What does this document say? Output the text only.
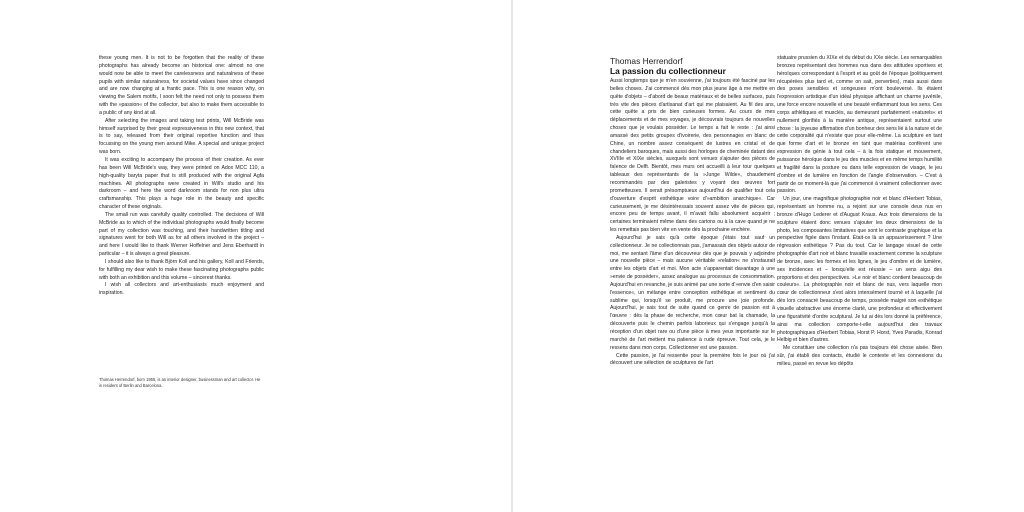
these young men. It is not to be forgotten that the reality of these photographs has already become an historical one: almost no one would now be able to meet the carelessness and naturalness of these pupils with similar naturalness, for societal values have since changed and are now changing at a frantic pace. This is one reason why, on viewing the Salem motifs, I soon felt the need not only to possess them with the »passion« of the collector, but also to make them accessible to a public of any kind at all.

After selecting the images and taking test prints, Will McBride was himself surprised by their great expressiveness in this new context, that is to say, released from their original reportive function and thus focussing on the young men around Mike. A special and unique project was born.

It was exciting to accompany the process of their creation. As ever has been Will McBride's way, they were printed on Adox MCC 110, a high-quality baryta paper that is still produced with the original Agfa machines. All photographs were created in Will's studio and his darkroom – and here the word darkroom stands for non plus ultra craftsmanship. This plays a huge role in the beauty and specific character of these originals.

The small run was carefully quality controlled. The decisions of Will McBride as to which of the individual photographs would finally become part of my collection was touching, and their handwritten titling and signatures went for both Will as for all others involved in the project – and here I would like to thank Werner Hoffelner and Jens Eberhardt in particular – it is always a great pleasure.

I should also like to thank Björn Koll and his gallery, Koll and Friends, for fulfilling my dear wish to make these fascinating photographs public with both an exhibition and this volume – sincerest thanks.

I wish all collectors and art-enthusiasts much enjoyment and inspiration.

Thomas Herrendorf, born 1955, is an interior designer, businessman and art collector. He is resident of Berlin and Barcelona.
Thomas Herrendorf
La passion du collectionneur

Aussi longtemps que je m'en souvienne, j'ai toujours été fasciné par les belles choses. J'ai commencé dès mon plus jeune âge à me mettre en quête d'objets – d'abord de beaux matériaux et de belles surfaces, puis très vite des pièces d'artisanat d'art qui me plaisaient. Au fil des ans, cette quête a pris de bien curieuses formes. Au cours de mes déplacements et de mes voyages, je découvrais toujours de nouvelles choses que je voulais posséder. Le temps a fait le reste : j'ai ainsi amassé des petits groupes d'ivoirerie, des personnages en blanc de Chine, un nombre assez conséquent de lustres en cristal et de chandeliers baroques, mais aussi des horloges de cheminée datant des XVIIIe et XIXe siècles, auxquels sont venues s'ajouter des pièces de faïence de Delft. Bientôt, mes murs ont accueilli à leur tour quelques tableaux des représentants de la »Junge Wilde«, chaudement recommandés par des galeristes y voyant des œuvres fort prometteuses. Il serait présomptueux aujourd'hui de qualifier tout cela d'ouverture d'esprit esthétique voire d'»ambition anarchique«. Car curieusement, je me désintéressais souvent assez vite de pièces qui, encore peu de temps avant, il m'avait fallu absolument acquérir ; certaines terminaient même dans des cartons ou à la cave quand je ne les remettais pas bien vite en vente dès la prochaine enchère.

Aujourd'hui je sais qu'à cette époque j'étais tout sauf un collectionneur. Je ne collectionnais pas, j'amassais des objets autour de moi, me sentant l'âme d'un découvreur dès que je pouvais y adjoindre une nouvelle pièce – mais aucune véritable »relation« ne s'instaurait entre les objets d'art et moi. Mon acte s'apparentait davantage à une »envie de posséder«, assez analogue au processus de consommation. Aujourd'hui en revanche, je suis animé par une sorte d'»envie d'en saisir l'essence«, un mélange entre conception esthétique et sentiment du sublime qui, lorsqu'il se produit, me procure une joie profonde. Aujourd'hui, je sais tout de suite quand ce genre de passion est à l'œuvre : dès la phase de recherche, mon cœur bat la chamade, la découverte puis le chemin parfois laborieux qui s'engage jusqu'à la réception d'un objet rare ou d'une pièce à mes yeux importante sur le marché de l'art mettent ma patience à rude épreuve. Tout cela, je le ressens dans mon corps. Collectionner est une passion.

Cette passion, je l'ai ressentie pour la première fois le jour où j'ai découvert une sélection de sculptures de l'art

statuaire prussien du XIXe et du début du XXe siècle. Les remarquables bronzes représentant des hommes nus dans des attitudes sportives et héroïques correspondant à l'esprit et au goût de l'époque (politiquement récupérées plus tard et, comme on sait, perverties), mais aussi dans des poses sensibles et songeuses m'ont bouleversé. Ils étaient l'expression artistique d'un idéal physique affichant un charme juvénile, une force encore nouvelle et une beauté enflammant tous les sens. Ces corps athlétiques et musclés, au demeurant parfaitement »naturels« et nullement glorifiés à la manière antique, représentaient surtout une chose : la joyeuse affirmation d'un bonheur des sens lié à la nature et de cette corporalité qui n'existe que pour elle-même. La sculpture en tant que forme d'art et le bronze en tant que matériau confèrent une expression de génie à tout cela – à la fois statique et mouvement, puissance héroïque dans le jeu des muscles et en même temps humilité et fragilité dans la posture ou dans telle expression de visage, le jeu d'ombre et de lumière en fonction de l'angle d'observation. – C'est à partir de ce moment-là que j'ai commencé à vraiment collectionner avec passion.

Un jour, une magnifique photographie noir et blanc d'Herbert Tobias, représentant un homme nu, a rejoint sur une console deux nus en bronze d'Hugo Lederer et d'August Kraus. Aux trois dimensions de la sculpture étaient donc venues s'ajouter les deux dimensions de la photo, les composantes limitatives que sont le contraste graphique et la perspective figée dans l'instant. Était-ce là un appauvrissement ? Une régression esthétique ? Pas du tout. Car le langage visuel de cette photographie d'art noir et blanc travaille exactement comme la sculpture de bronze, avec les formes et les lignes, le jeu d'ombre et de lumière, ses incidences et – lorsqu'elle est réussie – un sens aigu des proportions et des perspectives. »Le noir et blanc contient beaucoup de couleurs«. La photographie noir et blanc de nus, vers laquelle mon cœur de collectionneur s'est alors intensément tourné et à laquelle j'ai dès lors consacré beaucoup de temps, possède malgré son esthétique visuelle abstractive une énorme clarté, une profondeur et effectivement une figurativité d'ordre sculptural. Je lui ai dès lors donné la préférence, ainsi ma collection comporte-t-elle aujourd'hui des travaux photographiques d'Herbert Tobias, Horst P. Horst, Yves Paradis, Konrad Helbig et bien d'autres.

Me constituer une collection n'a pas toujours été chose aisée. Bien sûr, j'ai établi des contacts, étudié le contexte et les connexions du milieu, passé en revue les dépôts
